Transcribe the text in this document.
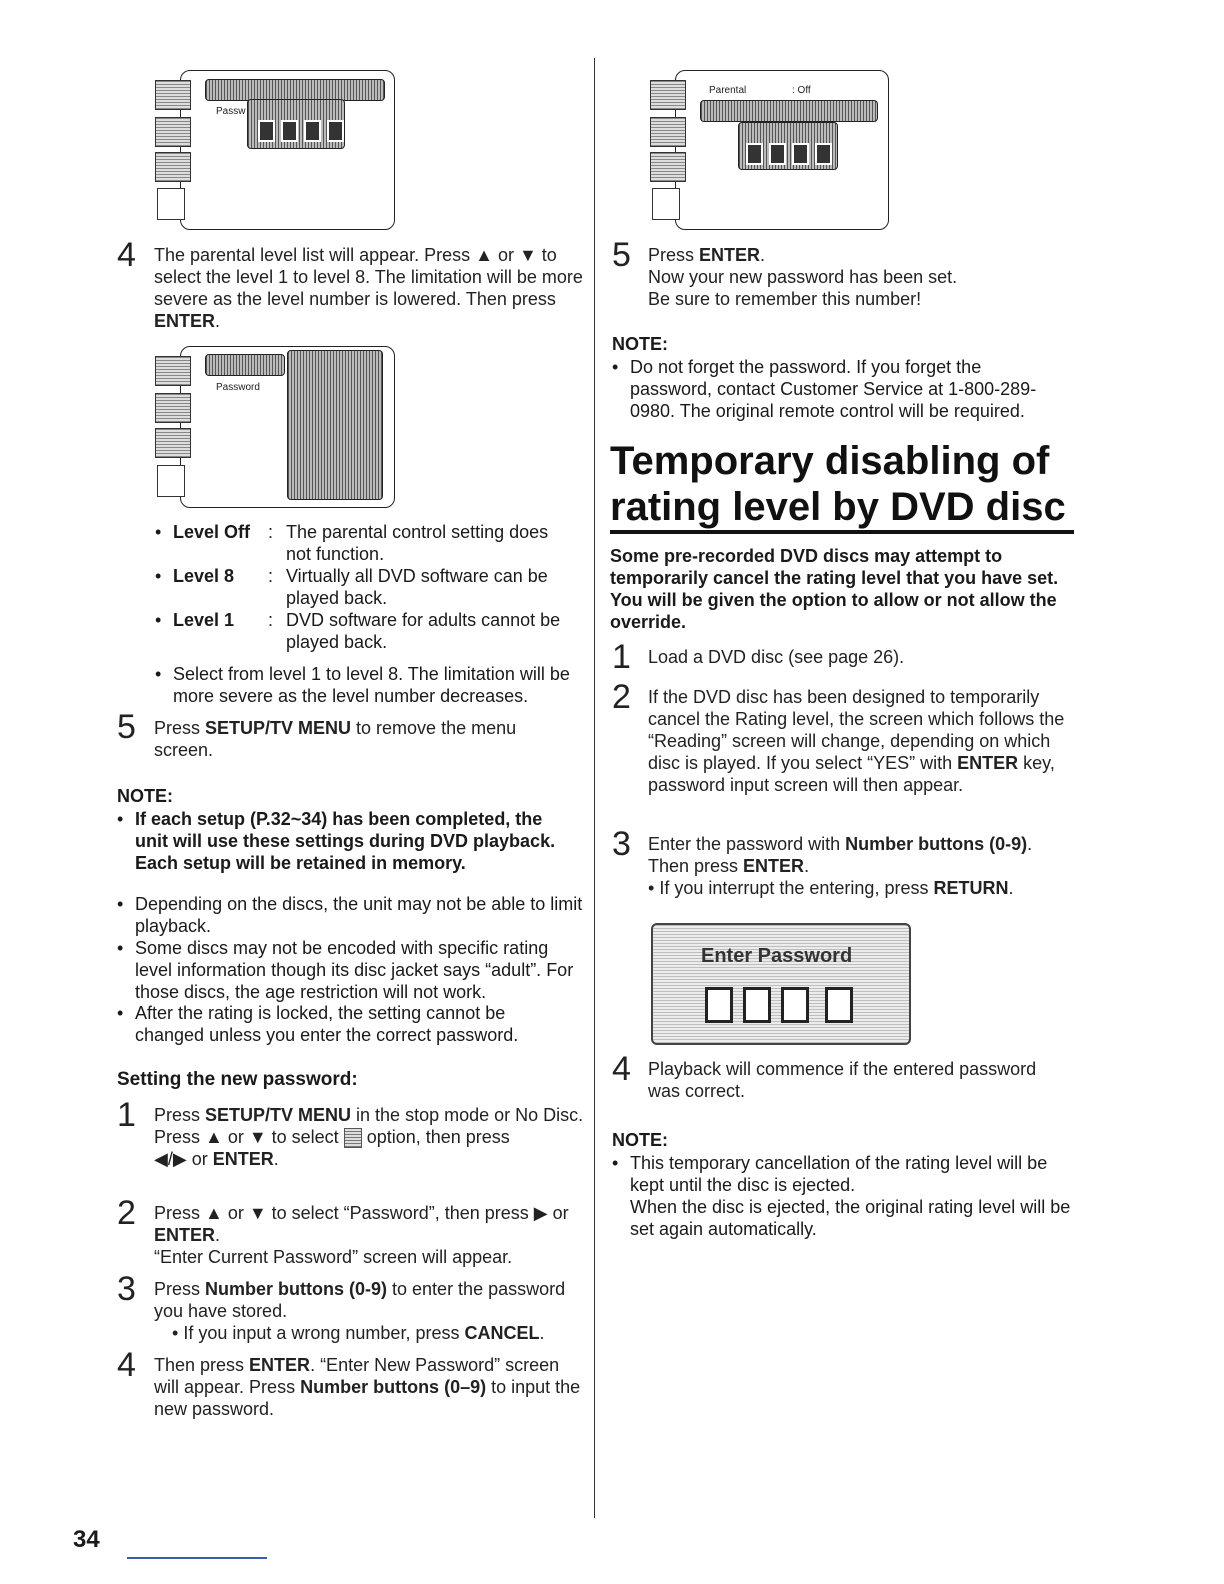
Passw
4 The parental level list will appear. Press ▲ or ▼ to select the level 1 to level 8. The limitation will be more severe as the level number is lowered. Then press ENTER.
Password
• Level Off : The parental control setting does not function.
• Level 8 : Virtually all DVD software can be played back.
• Level 1 : DVD software for adults cannot be played back.
• Select from level 1 to level 8. The limitation will be more severe as the level number decreases.
5 Press SETUP/TV MENU to remove the menu screen.
NOTE:
• If each setup (P.32~34) has been completed, the unit will use these settings during DVD playback.
Each setup will be retained in memory.
• Depending on the discs, the unit may not be able to limit playback.
• Some discs may not be encoded with specific rating level information though its disc jacket says “adult”. For those discs, the age restriction will not work.
• After the rating is locked, the setting cannot be changed unless you enter the correct password.
Setting the new password:
1 Press SETUP/TV MENU in the stop mode or No Disc.
Press ▲ or ▼ to select  option, then press
◀/▶ or ENTER.
2 Press ▲ or ▼ to select “Password”, then press ▶ or ENTER.
“Enter Current Password” screen will appear.
3 Press Number buttons (0-9) to enter the password you have stored.
• If you input a wrong number, press CANCEL.
4 Then press ENTER. “Enter New Password” screen will appear. Press Number buttons (0–9) to input the new password.
Parental	: Off
5 Press ENTER.
Now your new password has been set.
Be sure to remember this number!
NOTE:
• Do not forget the password. If you forget the password, contact Customer Service at 1-800-289-0980. The original remote control will be required.
Temporary disabling of rating level by DVD disc
Some pre-recorded DVD discs may attempt to temporarily cancel the rating level that you have set. You will be given the option to allow or not allow the override.
1 Load a DVD disc (see page 26).
2 If the DVD disc has been designed to temporarily cancel the Rating level, the screen which follows the “Reading” screen will change, depending on which disc is played. If you select “YES” with ENTER key, password input screen will then appear.
3 Enter the password with Number buttons (0-9).
Then press ENTER.
• If you interrupt the entering, press RETURN.
Enter Password
4 Playback will commence if the entered password was correct.
NOTE:
• This temporary cancellation of the rating level will be kept until the disc is ejected.
When the disc is ejected, the original rating level will be set again automatically.
34
